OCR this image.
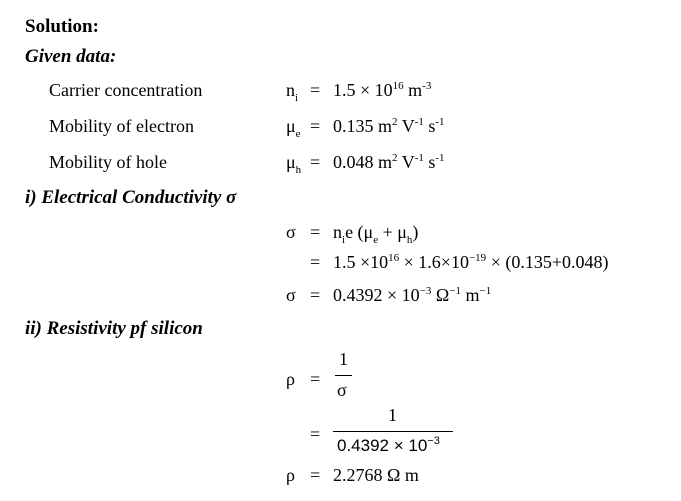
Solution:
Given data:
Carrier concentration	$n_i = 1.5 \times 10^{16}$ $m^{-3}$
Mobility of electron	$\mu_e = 0.135$ $m^2$ $V^{-1}$ $s^{-1}$
Mobility of hole	$\mu_h = 0.048$ $m^2$ $V^{-1}$ $s^{-1}$
i) Electrical Conductivity σ
$\sigma = n_ie$ $(\mu_e + \mu_h)$
= $1.5 \times 10^{16} \times 1.6\times 10^{-19} \times (0.135+0.048)$
$\sigma = 0.4392 \times 10^{-3}$ $\Omega^{-1}$ $m^{-1}$
ii) Resistivity pf silicon
ρ =
1
σ
=
1
$0.4392 \times 10^{-3}$
ρ = 2.2768 Ω m
